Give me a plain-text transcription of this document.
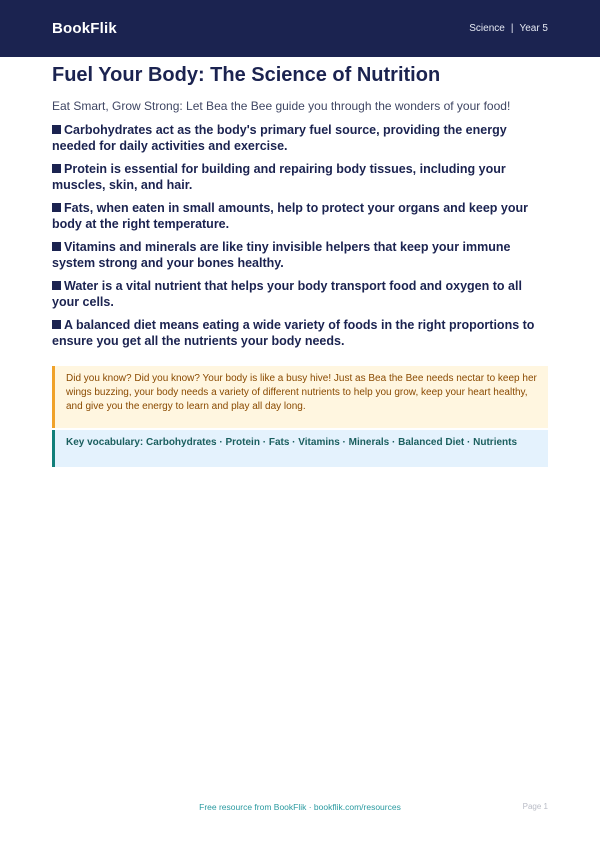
BookFlik	Science | Year 5
Fuel Your Body: The Science of Nutrition

Eat Smart, Grow Strong: Let Bea the Bee guide you through the wonders of your food!

Carbohydrates act as the body's primary fuel source, providing the energy needed for daily activities and exercise.
Protein is essential for building and repairing body tissues, including your muscles, skin, and hair.
Fats, when eaten in small amounts, help to protect your organs and keep your body at the right temperature.
Vitamins and minerals are like tiny invisible helpers that keep your immune system strong and your bones healthy.
Water is a vital nutrient that helps your body transport food and oxygen to all your cells.
A balanced diet means eating a wide variety of foods in the right proportions to ensure you get all the nutrients your body needs.
Did you know? Did you know? Your body is like a busy hive! Just as Bea the Bee needs nectar to keep her wings buzzing, your body needs a variety of different nutrients to help you grow, keep your heart healthy, and give you the energy to learn and play all day long.
Key vocabulary: Carbohydrates · Protein · Fats · Vitamins · Minerals · Balanced Diet · Nutrients
Free resource from BookFlik · bookflik.com/resources	Page 1
